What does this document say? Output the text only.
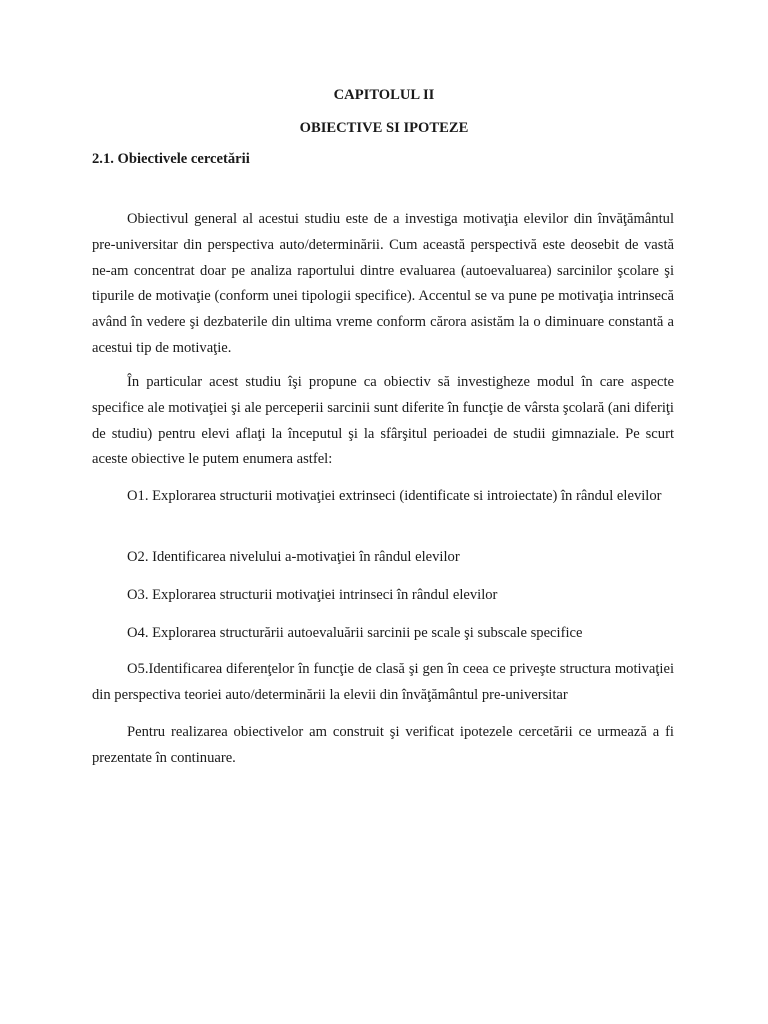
CAPITOLUL II
OBIECTIVE SI IPOTEZE
2.1. Obiectivele cercetării

Obiectivul general al acestui studiu este de a investiga motivaţia elevilor din învăţământul pre-universitar din perspectiva auto/determinării. Cum această perspectivă este deosebit de vastă ne-am concentrat doar pe analiza raportului dintre evaluarea (autoevaluarea) sarcinilor şcolare şi tipurile de motivaţie (conform unei tipologii specifice). Accentul se va pune pe motivaţia intrinsecă având în vedere şi dezbaterile din ultima vreme conform cărora asistăm la o diminuare constantă a acestui tip de motivaţie.

În particular acest studiu îşi propune ca obiectiv să investigheze modul în care aspecte specifice ale motivaţiei şi ale perceperii sarcinii sunt diferite în funcţie de vârsta şcolară (ani diferiţi de studiu) pentru elevi aflaţi la începutul şi la sfârşitul perioadei de studii gimnaziale. Pe scurt aceste obiective le putem enumera astfel:

O1. Explorarea structurii motivaţiei extrinseci (identificate si introiectate) în rândul elevilor

O2. Identificarea nivelului a-motivaţiei în rândul elevilor

O3. Explorarea structurii motivaţiei intrinseci în rândul elevilor

O4. Explorarea structurării autoevaluării sarcinii pe scale şi subscale specifice

O5.Identificarea diferenţelor în funcţie de clasă şi gen în ceea ce priveşte structura motivaţiei din perspectiva teoriei auto/determinării la elevii din învăţământul pre-universitar

Pentru realizarea obiectivelor am construit şi verificat ipotezele cercetării ce urmează a fi prezentate în continuare.
